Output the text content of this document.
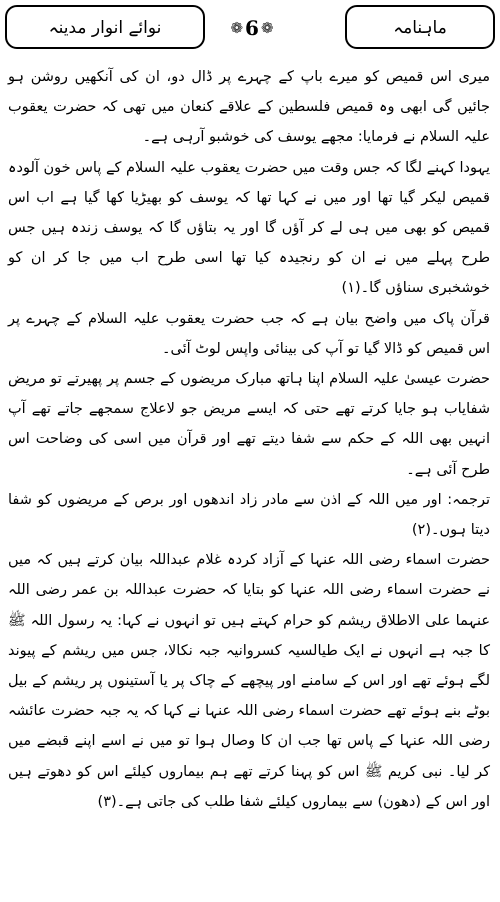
ماہنامہ
❁ 6 ❁
نوائے انوار مدینہ

میری اس قمیص کو میرے باپ کے چہرے پر ڈال دو، ان کی آنکھیں روشن ہو جائیں گی ابھی وہ قمیص فلسطین کے علاقے کنعان میں تھی کہ حضرت یعقوب علیہ السلام نے فرمایا: مجھے یوسف کی خوشبو آرہی ہے۔

یہودا کہنے لگا کہ جس وقت میں حضرت یعقوب علیہ السلام کے پاس خون آلودہ قمیص لیکر گیا تھا اور میں نے کہا تھا کہ یوسف کو بھیڑیا کھا گیا ہے اب اس قمیص کو بھی میں ہی لے کر آؤں گا اور یہ بتاؤں گا کہ یوسف زندہ ہیں جس طرح پہلے میں نے ان کو رنجیدہ کیا تھا اسی طرح اب میں جا کر ان کو خوشخبری سناؤں گا۔(۱)

قرآن پاک میں واضح بیان ہے کہ جب حضرت یعقوب علیہ السلام کے چہرے پر اس قمیص کو ڈالا گیا تو آپ کی بینائی واپس لوٹ آئی۔

حضرت عیسیٰ علیہ السلام اپنا ہاتھ مبارک مریضوں کے جسم پر پھیرتے تو مریض شفایاب ہو جایا کرتے تھے حتی کہ ایسے مریض جو لاعلاج سمجھے جاتے تھے آپ انہیں بھی اللہ کے حکم سے شفا دیتے تھے اور قرآن میں اسی کی وضاحت اس طرح آئی ہے۔

ترجمہ: اور میں اللہ کے اذن سے مادر زاد اندھوں اور برص کے مریضوں کو شفا دیتا ہوں۔(۲)

حضرت اسماء رضی اللہ عنہا کے آزاد کردہ غلام عبداللہ بیان کرتے ہیں کہ میں نے حضرت اسماء رضی اللہ عنہا کو بتایا کہ حضرت عبداللہ بن عمر رضی اللہ عنہما علی الاطلاق ریشم کو حرام کہتے ہیں تو انہوں نے کہا: یہ رسول اللہ ﷺ کا جبہ ہے انہوں نے ایک طیالسیہ کسروانیہ جبہ نکالا، جس میں ریشم کے پیوند لگے ہوئے تھے اور اس کے سامنے اور پیچھے کے چاک پر یا آستینوں پر ریشم کے بیل بوٹے بنے ہوئے تھے حضرت اسماء رضی اللہ عنہا نے کہا کہ یہ جبہ حضرت عائشہ رضی اللہ عنہا کے پاس تھا جب ان کا وصال ہوا تو میں نے اسے اپنے قبضے میں کر لیا۔ نبی کریم ﷺ اس کو پہنا کرتے تھے ہم بیماروں کیلئے اس کو دھوتے ہیں اور اس کے (دھون) سے بیماروں کیلئے شفا طلب کی جاتی ہے۔(۳)
